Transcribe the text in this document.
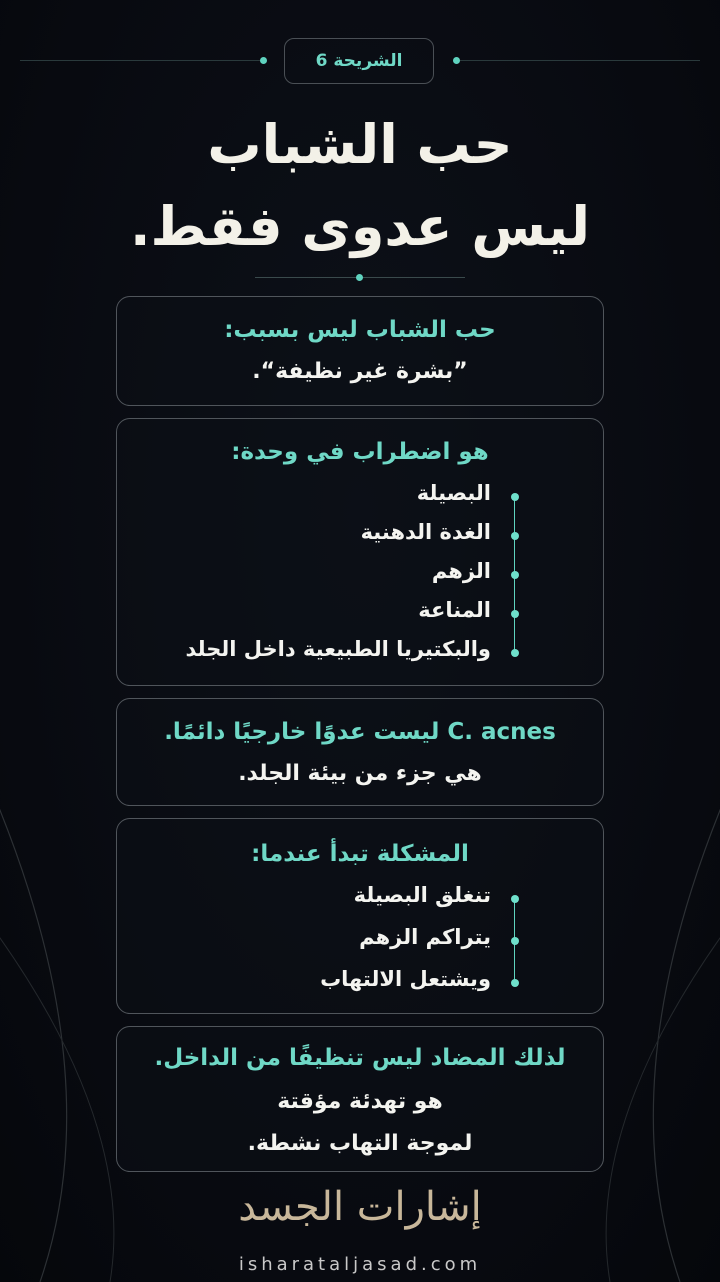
الشريحة 6
حب الشباب
ليس عدوى فقط.
حب الشباب ليس بسبب:
”بشرة غير نظيفة“.
هو اضطراب في وحدة:
البصيلة
الغدة الدهنية
الزهم
المناعة
والبكتيريا الطبيعية داخل الجلد
C. acnes ليست عدوًا خارجيًا دائمًا.
هي جزء من بيئة الجلد.
المشكلة تبدأ عندما:
تنغلق البصيلة
يتراكم الزهم
ويشتعل الالتهاب
لذلك المضاد ليس تنظيفًا من الداخل.
هو تهدئة مؤقتة
لموجة التهاب نشطة.
إشارات الجسد
isharataljasad.com
